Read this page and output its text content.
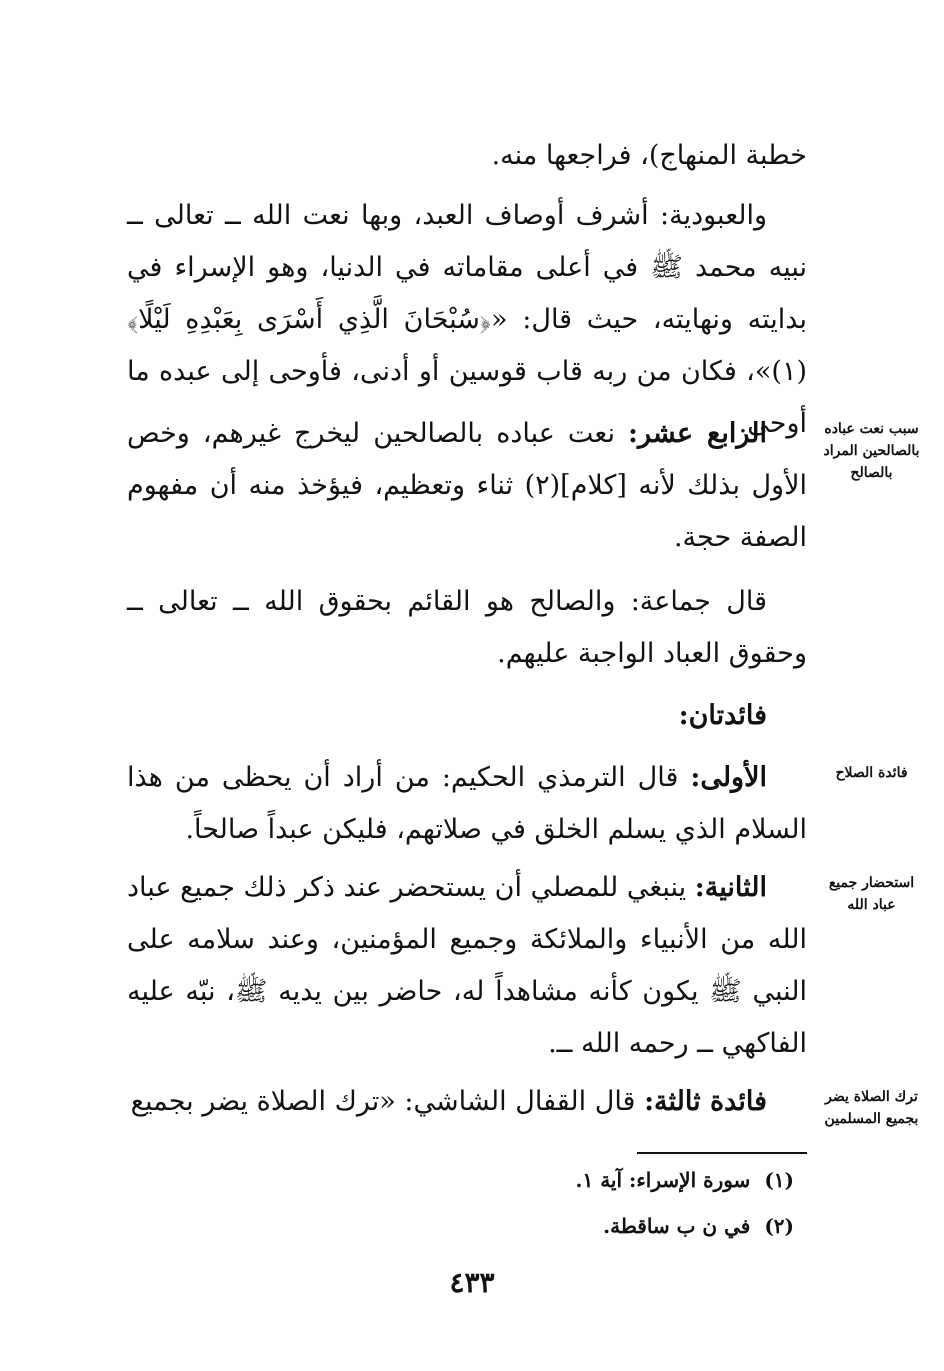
خطبة المنهاج)، فراجعها منه.

والعبودية: أشرف أوصاف العبد، وبها نعت الله ــ تعالى ــ نبيه محمد ﷺ في أعلى مقاماته في الدنيا، وهو الإسراء في بدايته ونهايته، حيث قال: «﴿سُبْحَانَ الَّذِي أَسْرَى بِعَبْدِهِ لَيْلًا﴾(١)»، فكان من ربه قاب قوسين أو أدنى، فأوحى إلى عبده ما أوحى.

الرابع عشر: نعت عباده بالصالحين ليخرج غيرهم، وخص الأول بذلك لأنه [كلام](٢) ثناء وتعظيم، فيؤخذ منه أن مفهوم الصفة حجة.

قال جماعة: والصالح هو القائم بحقوق الله ــ تعالى ــ وحقوق العباد الواجبة عليهم.

فائدتان:

الأولى: قال الترمذي الحكيم: من أراد أن يحظى من هذا السلام الذي يسلم الخلق في صلاتهم، فليكن عبداً صالحاً.

الثانية: ينبغي للمصلي أن يستحضر عند ذكر ذلك جميع عباد الله من الأنبياء والملائكة وجميع المؤمنين، وعند سلامه على النبي ﷺ يكون كأنه مشاهداً له، حاضر بين يديه ﷺ، نبّه عليه الفاكهي ــ رحمه الله ــ.

فائدة ثالثة: قال القفال الشاشي: «ترك الصلاة يضر بجميع

سبب نعت عباده بالصالحين المراد بالصالح
فائدة الصلاح
استحضار جميع عباد الله
ترك الصلاة يضر بجميع المسلمين
(١)سورة الإسراء: آية ١.
(٢)في ن ب ساقطة.
٤٣٣
